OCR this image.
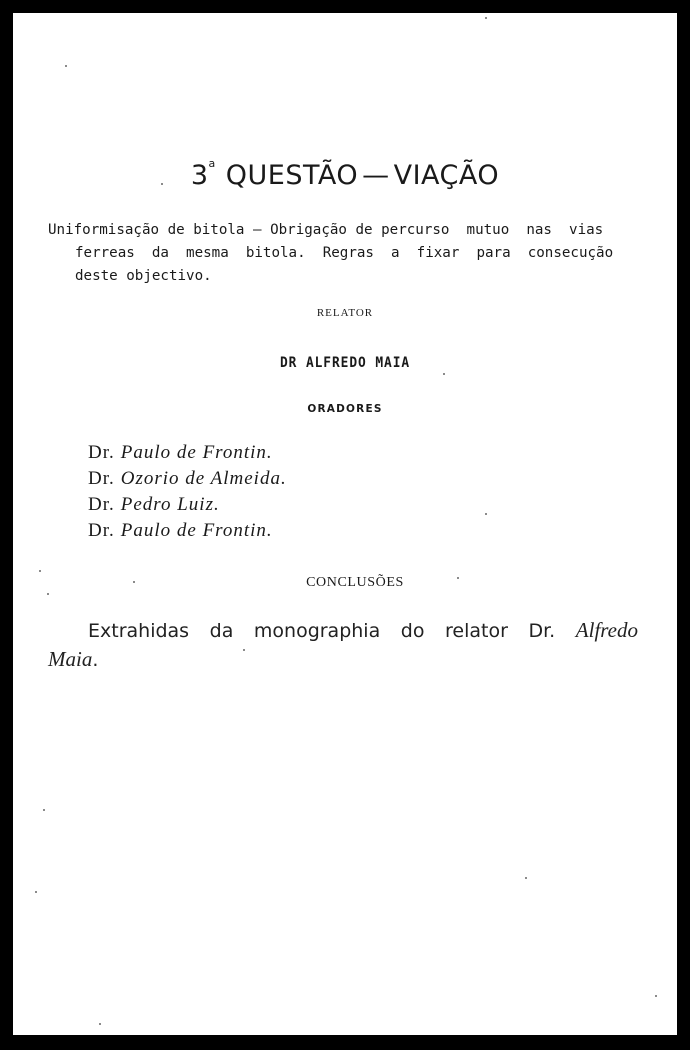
3$^a$ QUESTÃO — VIAÇÃO
Uniformisação de bitola — Obrigação de percurso  mutuo  nas  vias
ferreas  da  mesma  bitola.  Regras  a  fixar  para  consecução
deste objectivo.
RELATOR
DR ALFREDO MAIA
ORADORES
Dr. Paulo de Frontin.
Dr. Ozorio de Almeida.
Dr. Pedro Luiz.
Dr. Paulo de Frontin.
CONCLUSÕES
Extrahidas da monographia do relator Dr. Alfredo
Maia.
